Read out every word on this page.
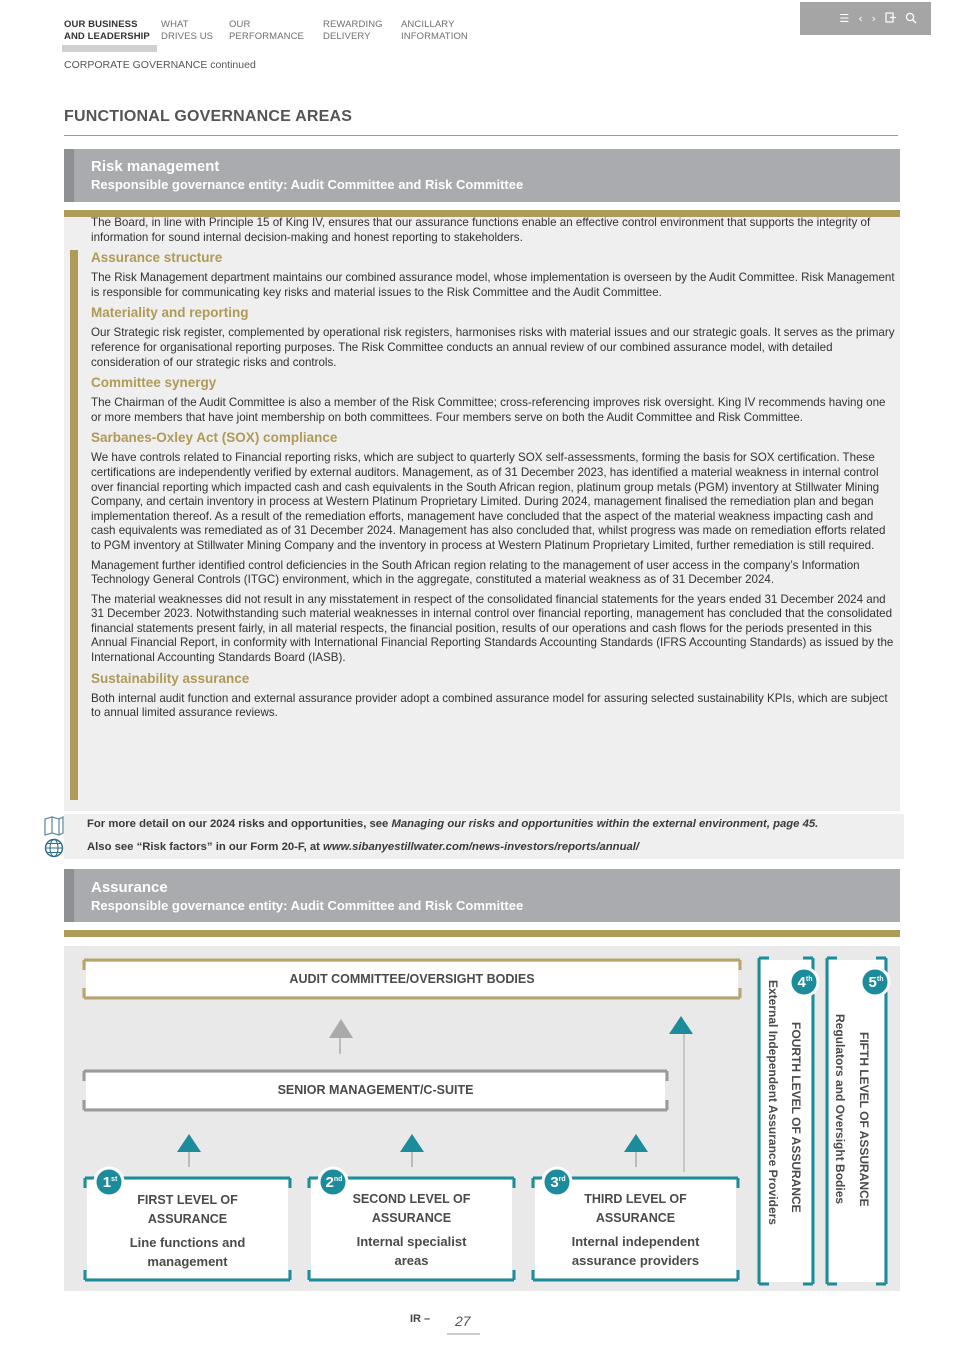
OUR BUSINESS
AND LEADERSHIP
WHAT
DRIVES US
OUR
PERFORMANCE
REWARDING
DELIVERY
ANCILLARY
INFORMATION
☰ ‹ ›
CORPORATE GOVERNANCE continued
FUNCTIONAL GOVERNANCE AREAS
Risk management
Responsible governance entity: Audit Committee and Risk Committee

The Board, in line with Principle 15 of King IV, ensures that our assurance functions enable an effective control environment that supports the integrity of information for sound internal decision-making and honest reporting to stakeholders.

Assurance structure

The Risk Management department maintains our combined assurance model, whose implementation is overseen by the Audit Committee. Risk Management is responsible for communicating key risks and material issues to the Risk Committee and the Audit Committee.

Materiality and reporting

Our Strategic risk register, complemented by operational risk registers, harmonises risks with material issues and our strategic goals. It serves as the primary reference for organisational reporting purposes. The Risk Committee conducts an annual review of our combined assurance model, with detailed consideration of our strategic risks and controls.

Committee synergy

The Chairman of the Audit Committee is also a member of the Risk Committee; cross-referencing improves risk oversight. King IV recommends having one or more members that have joint membership on both committees. Four members serve on both the Audit Committee and Risk Committee.

Sarbanes-Oxley Act (SOX) compliance

We have controls related to Financial reporting risks, which are subject to quarterly SOX self-assessments, forming the basis for SOX certification. These certifications are independently verified by external auditors. Management, as of 31 December 2023, has identified a material weakness in internal control over financial reporting which impacted cash and cash equivalents in the South African region, platinum group metals (PGM) inventory at Stillwater Mining Company, and certain inventory in process at Western Platinum Proprietary Limited. During 2024, management finalised the remediation plan and began implementation thereof. As a result of the remediation efforts, management have concluded that the aspect of the material weakness impacting cash and cash equivalents was remediated as of 31 December 2024. Management has also concluded that, whilst progress was made on remediation efforts related to PGM inventory at Stillwater Mining Company and the inventory in process at Western Platinum Proprietary Limited, further remediation is still required.

Management further identified control deficiencies in the South African region relating to the management of user access in the company’s Information Technology General Controls (ITGC) environment, which in the aggregate, constituted a material weakness as of 31 December 2024.

The material weaknesses did not result in any misstatement in respect of the consolidated financial statements for the years ended 31 December 2024 and 31 December 2023. Notwithstanding such material weaknesses in internal control over financial reporting, management has concluded that the consolidated financial statements present fairly, in all material respects, the financial position, results of our operations and cash flows for the periods presented in this Annual Financial Report, in conformity with International Financial Reporting Standards Accounting Standards (IFRS Accounting Standards) as issued by the International Accounting Standards Board (IASB).

Sustainability assurance

Both internal audit function and external assurance provider adopt a combined assurance model for assuring selected sustainability KPIs, which are subject to annual limited assurance reviews.

For more detail on our 2024 risks and opportunities, see Managing our risks and opportunities within the external environment, page 45.
Also see “Risk factors” in our Form 20-F, at www.sibanyestillwater.com/news-investors/reports/annual/
Assurance
Responsible governance entity: Audit Committee and Risk Committee
AUDIT COMMITTEE/OVERSIGHT BODIES
SENIOR MANAGEMENT/C-SUITE
1st	2nd	3rd
4th	5th
FIRST LEVEL OF
ASSURANCE
Line functions and
management
SECOND LEVEL OF
ASSURANCE
Internal specialist
areas
THIRD LEVEL OF
ASSURANCE
Internal independent
assurance providers
External Independent Assurance Providers FOURTH LEVEL OF ASSURANCE	Regulators and Oversight Bodies FIFTH LEVEL OF ASSURANCE
IR –	27
